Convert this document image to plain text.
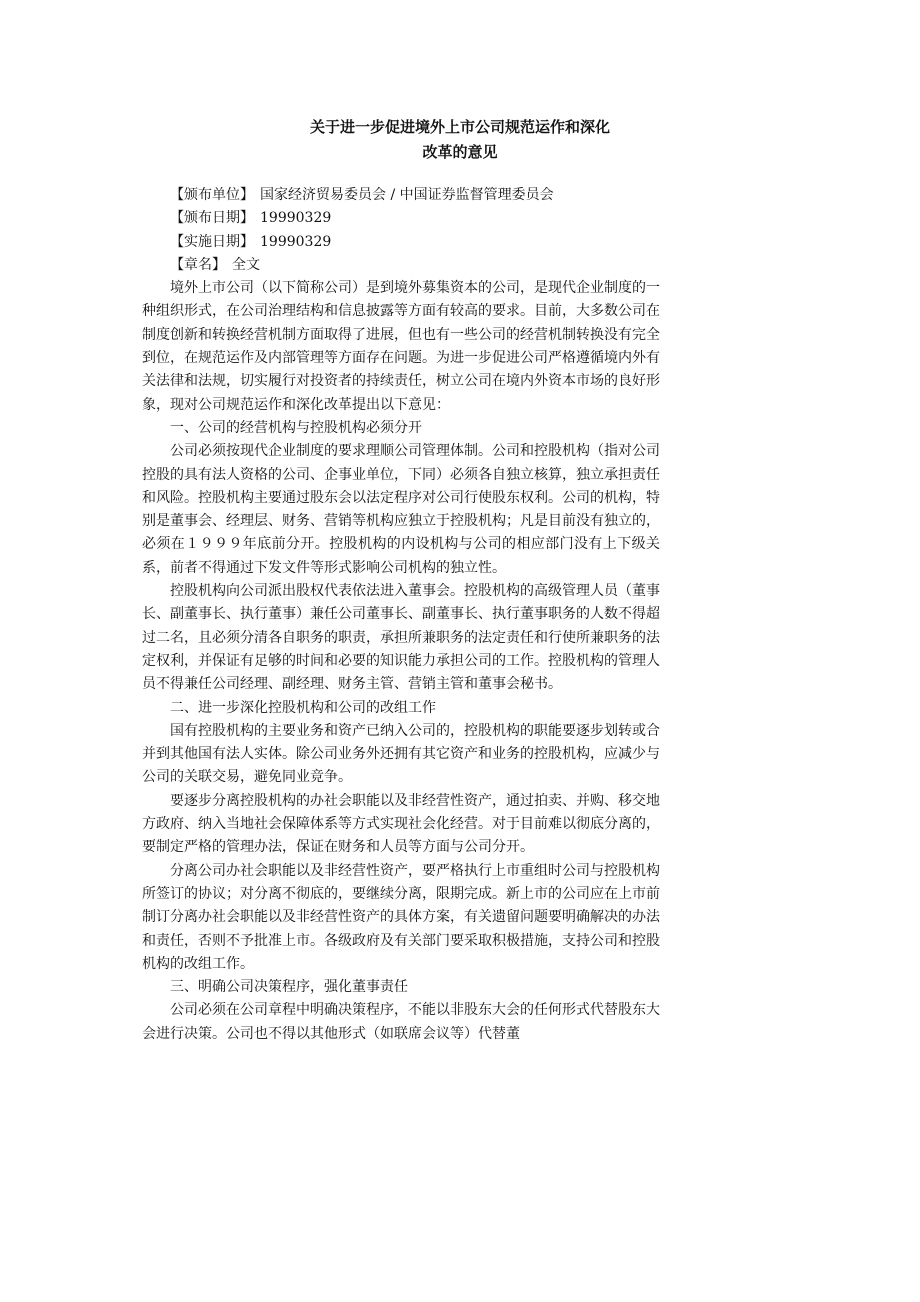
关于进一步促进境外上市公司规范运作和深化
改革的意见
【颁布单位】 国家经济贸易委员会 / 中国证券监督管理委员会
【颁布日期】 19990329
【实施日期】 19990329
【章名】 全文

境外上市公司（以下简称公司）是到境外募集资本的公司，是现代企业制度的一种组织形式，在公司治理结构和信息披露等方面有较高的要求。目前，大多数公司在制度创新和转换经营机制方面取得了进展，但也有一些公司的经营机制转换没有完全到位，在规范运作及内部管理等方面存在问题。为进一步促进公司严格遵循境内外有关法律和法规，切实履行对投资者的持续责任，树立公司在境内外资本市场的良好形象，现对公司规范运作和深化改革提出以下意见：

一、公司的经营机构与控股机构必须分开

公司必须按现代企业制度的要求理顺公司管理体制。公司和控股机构（指对公司控股的具有法人资格的公司、企事业单位，下同）必须各自独立核算，独立承担责任和风险。控股机构主要通过股东会以法定程序对公司行使股东权利。公司的机构，特别是董事会、经理层、财务、营销等机构应独立于控股机构；凡是目前没有独立的，必须在１９９９年底前分开。控股机构的内设机构与公司的相应部门没有上下级关系，前者不得通过下发文件等形式影响公司机构的独立性。

控股机构向公司派出股权代表依法进入董事会。控股机构的高级管理人员（董事长、副董事长、执行董事）兼任公司董事长、副董事长、执行董事职务的人数不得超过二名，且必须分清各自职务的职责，承担所兼职务的法定责任和行使所兼职务的法定权利，并保证有足够的时间和必要的知识能力承担公司的工作。控股机构的管理人员不得兼任公司经理、副经理、财务主管、营销主管和董事会秘书。

二、进一步深化控股机构和公司的改组工作

国有控股机构的主要业务和资产已纳入公司的，控股机构的职能要逐步划转或合并到其他国有法人实体。除公司业务外还拥有其它资产和业务的控股机构，应减少与公司的关联交易，避免同业竞争。

要逐步分离控股机构的办社会职能以及非经营性资产，通过拍卖、并购、移交地方政府、纳入当地社会保障体系等方式实现社会化经营。对于目前难以彻底分离的，要制定严格的管理办法，保证在财务和人员等方面与公司分开。

分离公司办社会职能以及非经营性资产，要严格执行上市重组时公司与控股机构所签订的协议；对分离不彻底的，要继续分离，限期完成。新上市的公司应在上市前制订分离办社会职能以及非经营性资产的具体方案，有关遗留问题要明确解决的办法和责任，否则不予批准上市。各级政府及有关部门要采取积极措施，支持公司和控股机构的改组工作。

三、明确公司决策程序，强化董事责任

公司必须在公司章程中明确决策程序，不能以非股东大会的任何形式代替股东大会进行决策。公司也不得以其他形式（如联席会议等）代替董
